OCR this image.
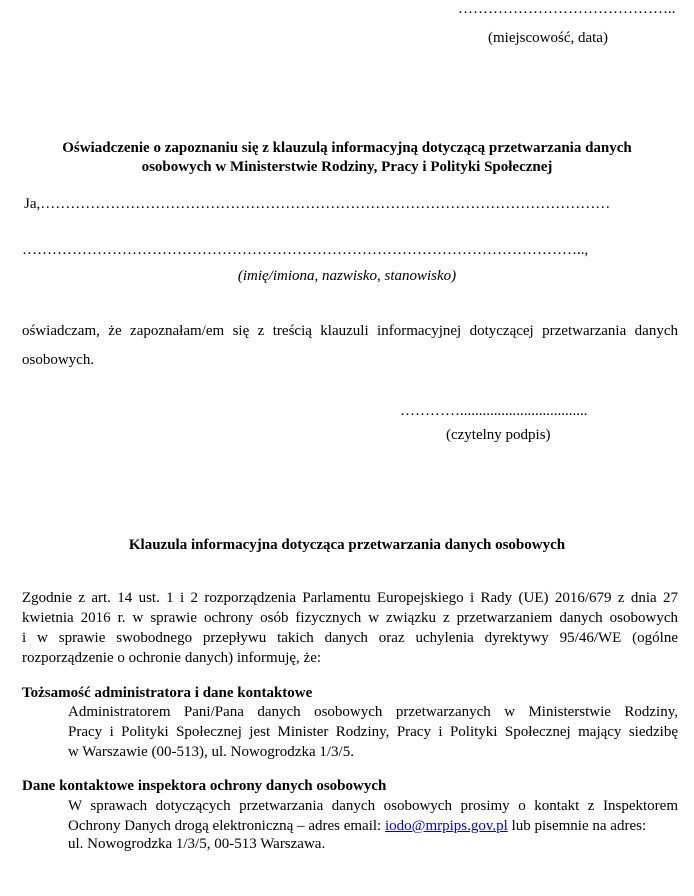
……………………………………..
(miejscowość, data)
Oświadczenie o zapoznaniu się z klauzulą informacyjną dotyczącą przetwarzania danych
osobowych w Ministerstwie Rodziny, Pracy i Polityki Społecznej
Ja,……………………………………………………………………………………………………
…………………………………………………………………………………………………..,
(imię/imiona, nazwisko, stanowisko)
oświadczam, że zapoznałam/em się z treścią klauzuli informacyjnej dotyczącej przetwarzania danych
osobowych.
…………..................................
(czytelny podpis)
Klauzula informacyjna dotycząca przetwarzania danych osobowych
Zgodnie z art. 14 ust. 1 i 2 rozporządzenia Parlamentu Europejskiego i Rady (UE) 2016/679 z dnia 27
kwietnia 2016 r. w sprawie ochrony osób fizycznych w związku z przetwarzaniem danych osobowych
i w sprawie swobodnego przepływu takich danych oraz uchylenia dyrektywy 95/46/WE (ogólne
rozporządzenie o ochronie danych) informuję, że:
Tożsamość administratora i dane kontaktowe
Administratorem Pani/Pana danych osobowych przetwarzanych w Ministerstwie Rodziny,
Pracy i Polityki Społecznej jest Minister Rodziny, Pracy i Polityki Społecznej mający siedzibę
w Warszawie (00-513), ul. Nowogrodzka 1/3/5.
Dane kontaktowe inspektora ochrony danych osobowych
W sprawach dotyczących przetwarzania danych osobowych prosimy o kontakt z Inspektorem
Ochrony Danych drogą elektroniczną – adres email: iodo@mrpips.gov.pl lub pisemnie na adres:
ul. Nowogrodzka 1/3/5, 00-513 Warszawa.
